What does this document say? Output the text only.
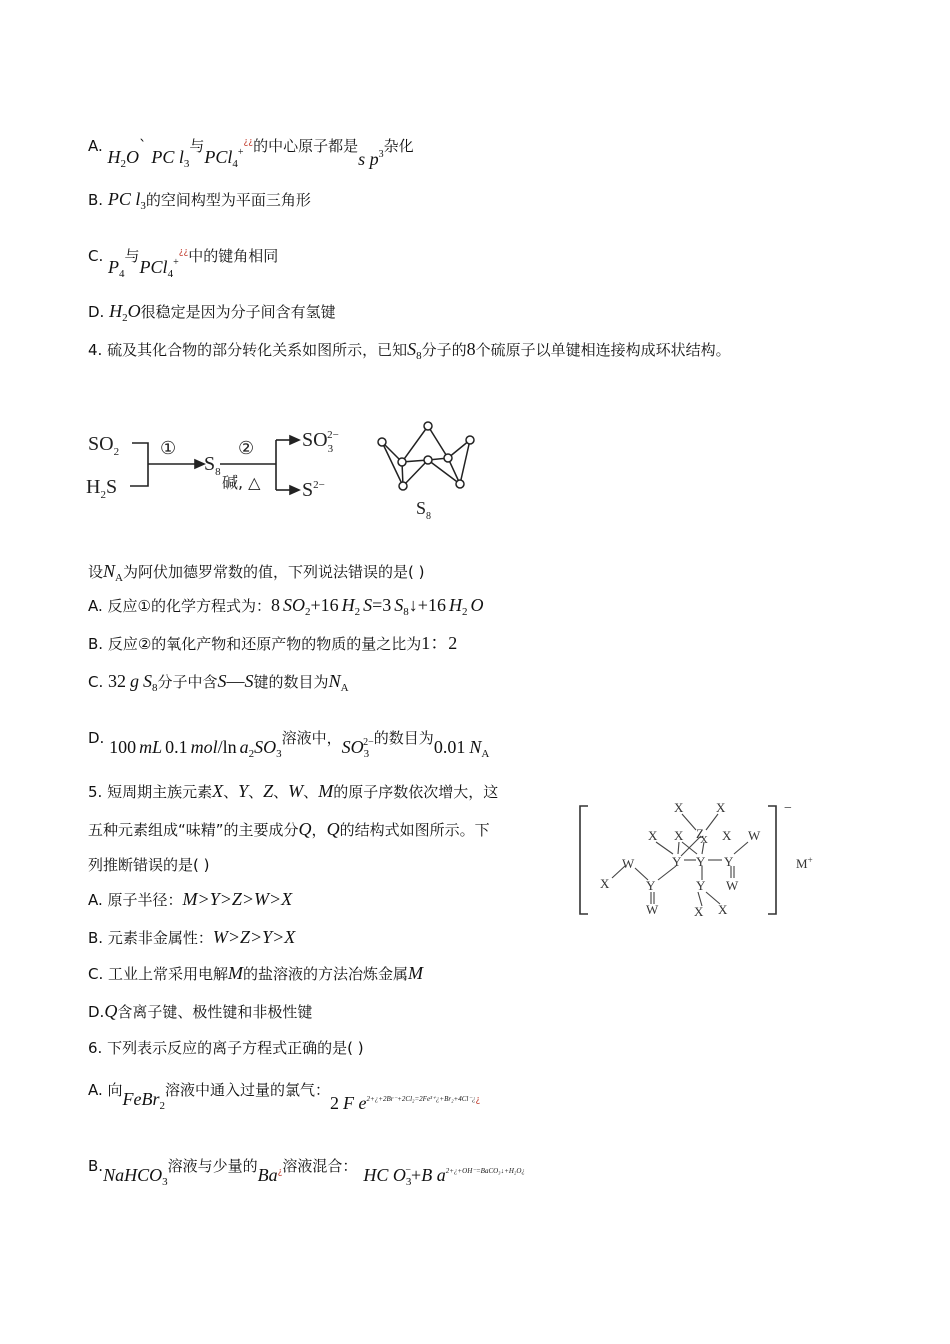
A. $H_2O`$ PC $l_3$与PCl$_4$+¿¿的中心原子都是s $p^3$杂化
B. PC $l_3$的空间构型为平面三角形
C. $P_4$与PCl$_4$+¿¿中的键角相同
D. $H_2O$很稳定是因为分子间含有氢键
4. 硫及其化合物的部分转化关系如图所示，已知$S_8$分子的8个硫原子以单键相连接构成环状结构。
$SO_2$
$H_2S$
①
$S_8$
②
碱, △
$SO_32-$
$S^{2-}$
$S_8$
设$N_A$为阿伏加德罗常数的值，下列说法错误的是( )
A. 反应①的化学方程式为：8 $SO_2+16$ $H_2$ S=3 $S_8↓+16$ $H_2$ O
B. 反应②的氧化产物和还原产物的物质的量之比为1：2
C. 32 g $S_8$分子中含S—S键的数目为$N_A$
D. 100 mL 0.1 mol/ln $a_2SO_3$溶液中，$SO_3^{2-}$的数目为0.01 $N_A$
5. 短周期主族元素X、Y、Z、W、M的原子序数依次增大，这
五种元素组成“味精”的主要成分Q，Q的结构式如图所示。下
列推断错误的是( )
A. 原子半径：M>Y>Z>W>X
B. 元素非金属性：W>Z>Y>X
C. 工业上常采用电解M的盐溶液的方法冶炼金属M
D.Q含离子键、极性键和非极性键
−
M+
X	X
Z
X X X
X	W
Y Y Y
W
W
X	Y	Y
W	X X
6. 下列表示反应的离子方程式正确的是( )
A. 向FeBr$_2$溶液中通入过量的氯气：2 F $e^{2+¿+2Br^-+2Cl_2=2Fe^{3+}¿+Br_2+4Cl^-¿¿}$
B.NaHCO$_3$溶液与少量的$Ba_¿$溶液混合： HC $O_3^-+B$ $a^{2+¿+OH^-=BaCO_3↓+H_2O¿}$
